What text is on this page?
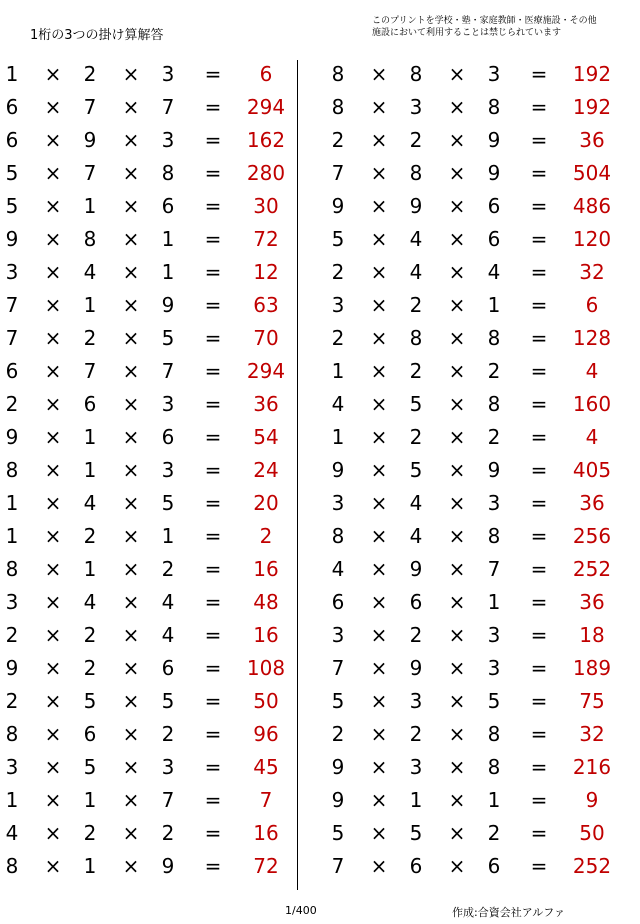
1桁の3つの掛け算解答
このプリントを学校・塾・家庭教師・医療施設・その他
施設において利用することは禁じられています
1 × 2 × 3 =	6
6 × 7 × 7 =	294
6 × 9 × 3 =	162
5 × 7 × 8 =	280
5 × 1 × 6 =	30
9 × 8 × 1 =	72
3 × 4 × 1 =	12
7 × 1 × 9 =	63
7 × 2 × 5 =	70
6 × 7 × 7 =	294
2 × 6 × 3 =	36
9 × 1 × 6 =	54
8 × 1 × 3 =	24
1 × 4 × 5 =	20
1 × 2 × 1 =	2
8 × 1 × 2 =	16
3 × 4 × 4 =	48
2 × 2 × 4 =	16
9 × 2 × 6 =	108
2 × 5 × 5 =	50
8 × 6 × 2 =	96
3 × 5 × 3 =	45
1 × 1 × 7 =	7
4 × 2 × 2 =	16
8 × 1 × 9 =	72
8 × 8 × 3 =	192
8 × 3 × 8 =	192
2 × 2 × 9 =	36
7 × 8 × 9 =	504
9 × 9 × 6 =	486
5 × 4 × 6 =	120
2 × 4 × 4 =	32
3 × 2 × 1 =	6
2 × 8 × 8 =	128
1 × 2 × 2 =	4
4 × 5 × 8 =	160
1 × 2 × 2 =	4
9 × 5 × 9 =	405
3 × 4 × 3 =	36
8 × 4 × 8 =	256
4 × 9 × 7 =	252
6 × 6 × 1 =	36
3 × 2 × 3 =	18
7 × 9 × 3 =	189
5 × 3 × 5 =	75
2 × 2 × 8 =	32
9 × 3 × 8 =	216
9 × 1 × 1 =	9
5 × 5 × 2 =	50
7 × 6 × 6 =	252
1/400	作成:合資会社アルファ
